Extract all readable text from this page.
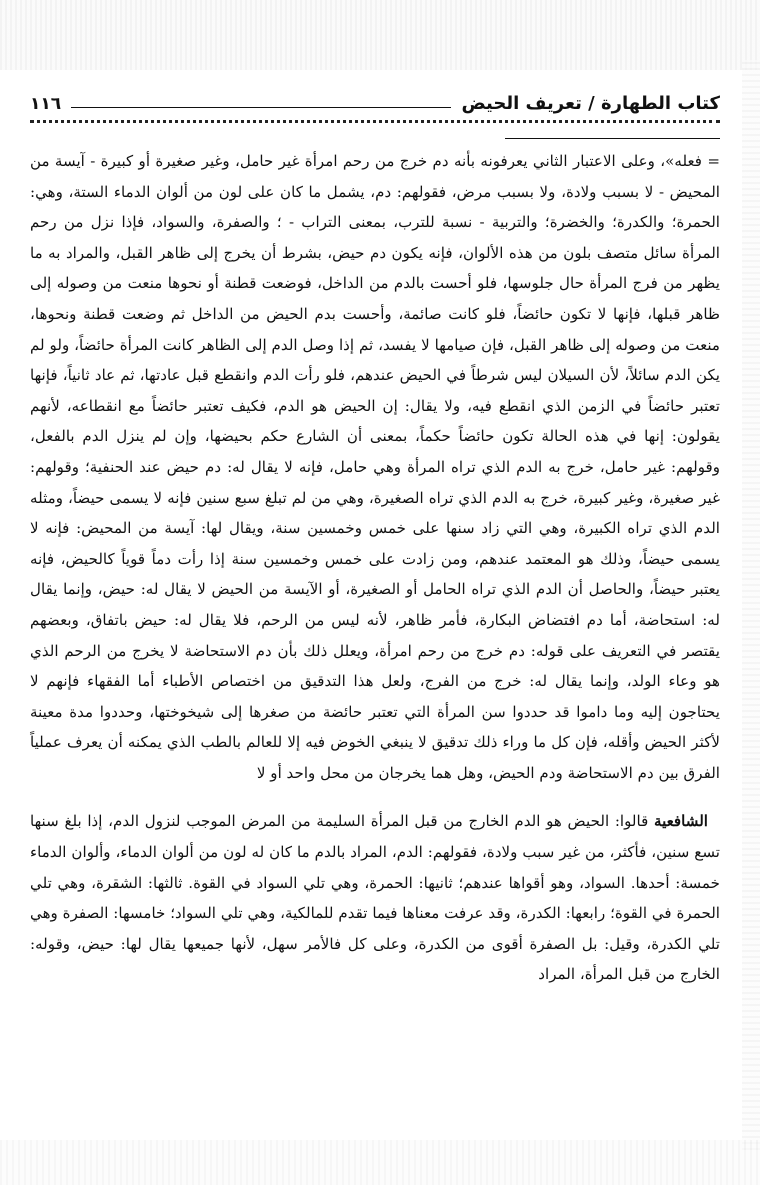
كتاب الطهارة / تعريف الحيض
١١٦

= فعله»، وعلى الاعتبار الثاني يعرفونه بأنه دم خرج من رحم امرأة غير حامل، وغير صغيرة أو كبيرة - آيسة من المحيض - لا بسبب ولادة، ولا بسبب مرض، فقولهم: دم، يشمل ما كان على لون من ألوان الدماء الستة، وهي: الحمرة؛ والكدرة؛ والخضرة؛ والتربية - نسبة للترب، بمعنى التراب - ؛ والصفرة، والسواد، فإذا نزل من رحم المرأة سائل متصف بلون من هذه الألوان، فإنه يكون دم حيض، بشرط أن يخرج إلى ظاهر القبل، والمراد به ما يظهر من فرج المرأة حال جلوسها، فلو أحست بالدم من الداخل، فوضعت قطنة أو نحوها منعت من وصوله إلى ظاهر قبلها، فإنها لا تكون حائضاً، فلو كانت صائمة، وأحست بدم الحيض من الداخل ثم وضعت قطنة ونحوها، منعت من وصوله إلى ظاهر القبل، فإن صيامها لا يفسد، ثم إذا وصل الدم إلى الظاهر كانت المرأة حائضاً، ولو لم يكن الدم سائلاً، لأن السيلان ليس شرطاً في الحيض عندهم، فلو رأت الدم وانقطع قبل عادتها، ثم عاد ثانياً، فإنها تعتبر حائضاً في الزمن الذي انقطع فيه، ولا يقال: إن الحيض هو الدم، فكيف تعتبر حائضاً مع انقطاعه، لأنهم يقولون: إنها في هذه الحالة تكون حائضاً حكماً، بمعنى أن الشارع حكم بحيضها، وإن لم ينزل الدم بالفعل، وقولهم: غير حامل، خرج به الدم الذي تراه المرأة وهي حامل، فإنه لا يقال له: دم حيض عند الحنفية؛ وقولهم: غير صغيرة، وغير كبيرة، خرج به الدم الذي تراه الصغيرة، وهي من لم تبلغ سبع سنين فإنه لا يسمى حيضاً، ومثله الدم الذي تراه الكبيرة، وهي التي زاد سنها على خمس وخمسين سنة، ويقال لها: آيسة من المحيض: فإنه لا يسمى حيضاً، وذلك هو المعتمد عندهم، ومن زادت على خمس وخمسين سنة إذا رأت دماً قوياً كالحيض، فإنه يعتبر حيضاً، والحاصل أن الدم الذي تراه الحامل أو الصغيرة، أو الآيسة من الحيض لا يقال له: حيض، وإنما يقال له: استحاضة، أما دم افتضاض البكارة، فأمر ظاهر، لأنه ليس من الرحم، فلا يقال له: حيض باتفاق، وبعضهم يقتصر في التعريف على قوله: دم خرج من رحم امرأة، ويعلل ذلك بأن دم الاستحاضة لا يخرج من الرحم الذي هو وعاء الولد، وإنما يقال له: خرج من الفرج، ولعل هذا التدقيق من اختصاص الأطباء أما الفقهاء فإنهم لا يحتاجون إليه وما داموا قد حددوا سن المرأة التي تعتبر حائضة من صغرها إلى شيخوختها، وحددوا مدة معينة لأكثر الحيض وأقله، فإن كل ما وراء ذلك تدقيق لا ينبغي الخوض فيه إلا للعالم بالطب الذي يمكنه أن يعرف عملياً الفرق بين دم الاستحاضة ودم الحيض، وهل هما يخرجان من محل واحد أو لا

الشافعية قالوا: الحيض هو الدم الخارج من قبل المرأة السليمة من المرض الموجب لنزول الدم، إذا بلغ سنها تسع سنين، فأكثر، من غير سبب ولادة، فقولهم: الدم، المراد بالدم ما كان له لون من ألوان الدماء، وألوان الدماء خمسة: أحدها. السواد، وهو أقواها عندهم؛ ثانيها: الحمرة، وهي تلي السواد في القوة. ثالثها: الشقرة، وهي تلي الحمرة في القوة؛ رابعها: الكدرة، وقد عرفت معناها فيما تقدم للمالكية، وهي تلي السواد؛ خامسها: الصفرة وهي تلي الكدرة، وقيل: بل الصفرة أقوى من الكدرة، وعلى كل فالأمر سهل، لأنها جميعها يقال لها: حيض، وقوله: الخارج من قبل المرأة، المراد
